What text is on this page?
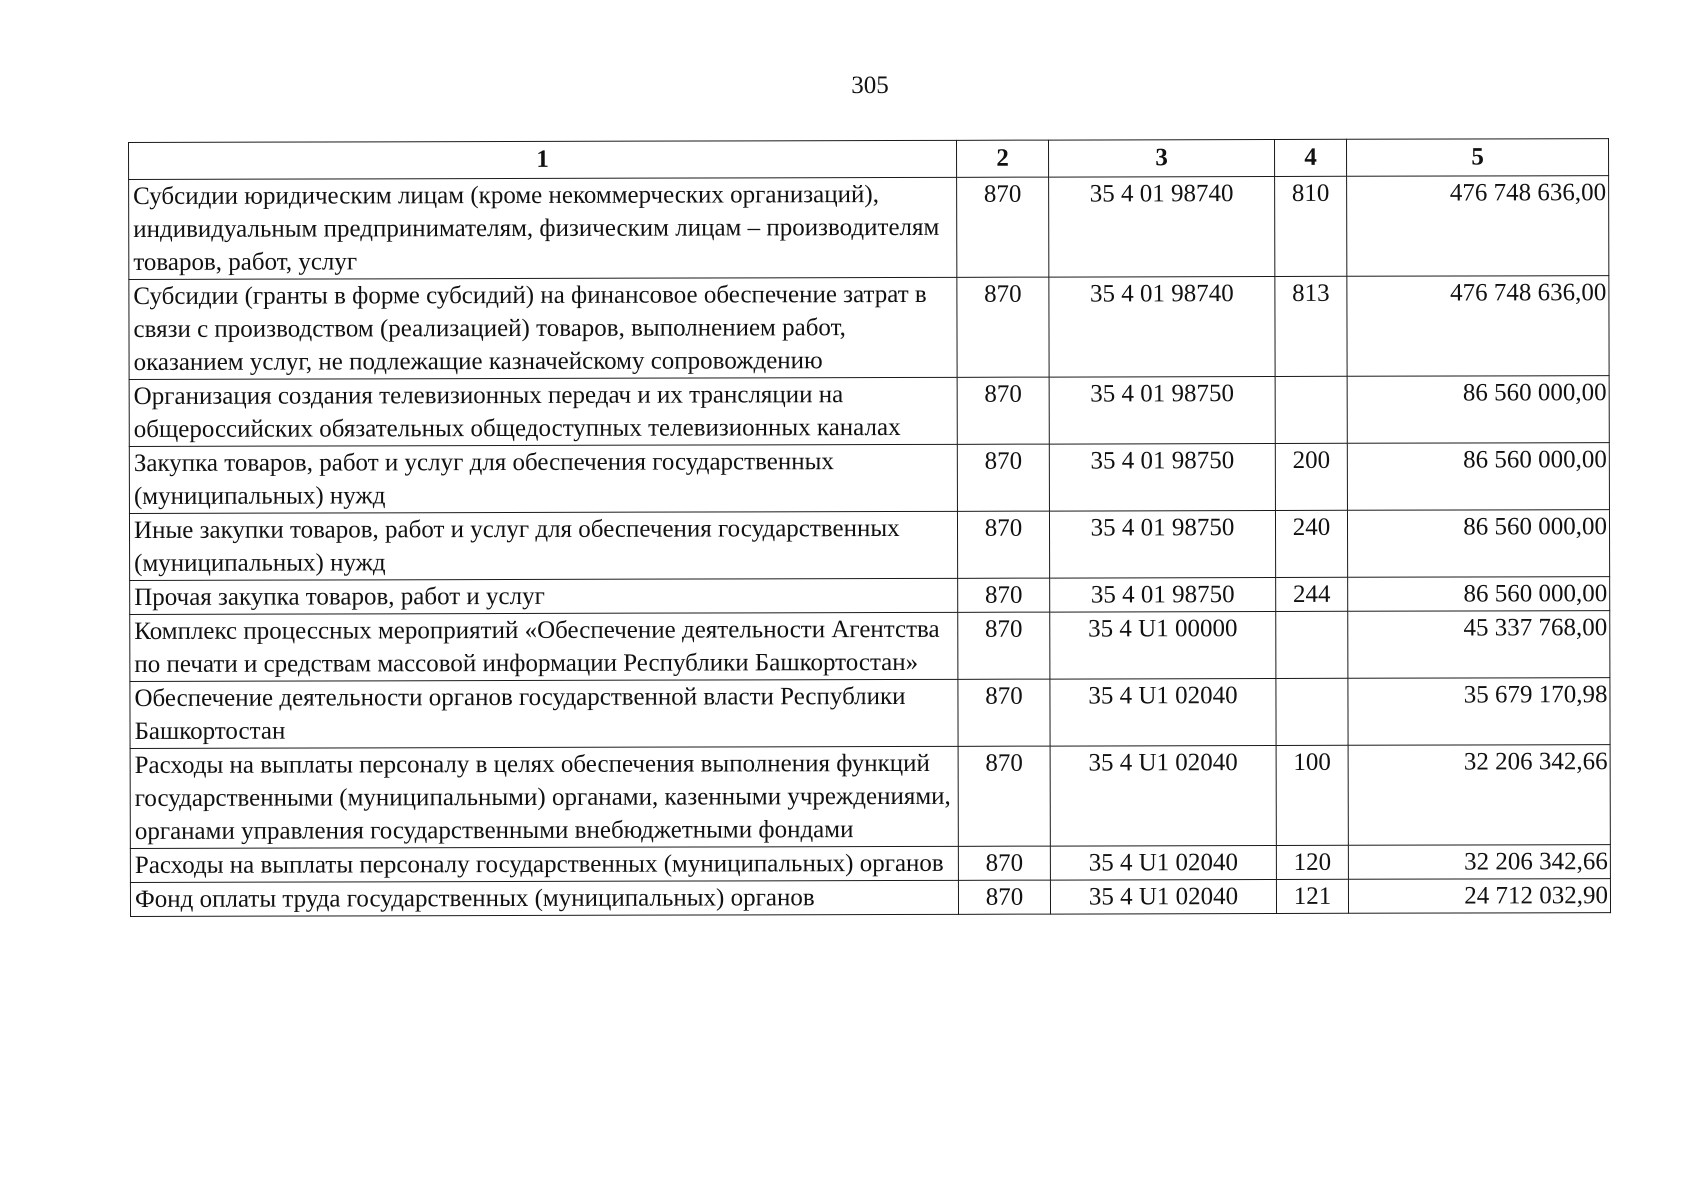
305
1	2	3	4	5
Субсидии юридическим лицам (кроме некоммерческих организаций), индивидуальным предпринимателям, физическим лицам – производителям товаров, работ, услуг	870	35 4 01 98740	810	476 748 636,00
Субсидии (гранты в форме субсидий) на финансовое обеспечение затрат в связи с производством (реализацией) товаров, выполнением работ, оказанием услуг, не подлежащие казначейскому сопровождению	870	35 4 01 98740	813	476 748 636,00
Организация создания телевизионных передач и их трансляции на общероссийских обязательных общедоступных телевизионных каналах	870	35 4 01 98750		86 560 000,00
Закупка товаров, работ и услуг для обеспечения государственных (муниципальных) нужд	870	35 4 01 98750	200	86 560 000,00
Иные закупки товаров, работ и услуг для обеспечения государственных (муниципальных) нужд	870	35 4 01 98750	240	86 560 000,00
Прочая закупка товаров, работ и услуг	870	35 4 01 98750	244	86 560 000,00
Комплекс процессных мероприятий «Обеспечение деятельности Агентства по печати и средствам массовой информации Республики Башкортостан»	870	35 4 U1 00000		45 337 768,00
Обеспечение деятельности органов государственной власти Республики Башкортостан	870	35 4 U1 02040		35 679 170,98
Расходы на выплаты персоналу в целях обеспечения выполнения функций государственными (муниципальными) органами, казенными учреждениями, органами управления государственными внебюджетными фондами	870	35 4 U1 02040	100	32 206 342,66
Расходы на выплаты персоналу государственных (муниципальных) органов	870	35 4 U1 02040	120	32 206 342,66
Фонд оплаты труда государственных (муниципальных) органов	870	35 4 U1 02040	121	24 712 032,90
